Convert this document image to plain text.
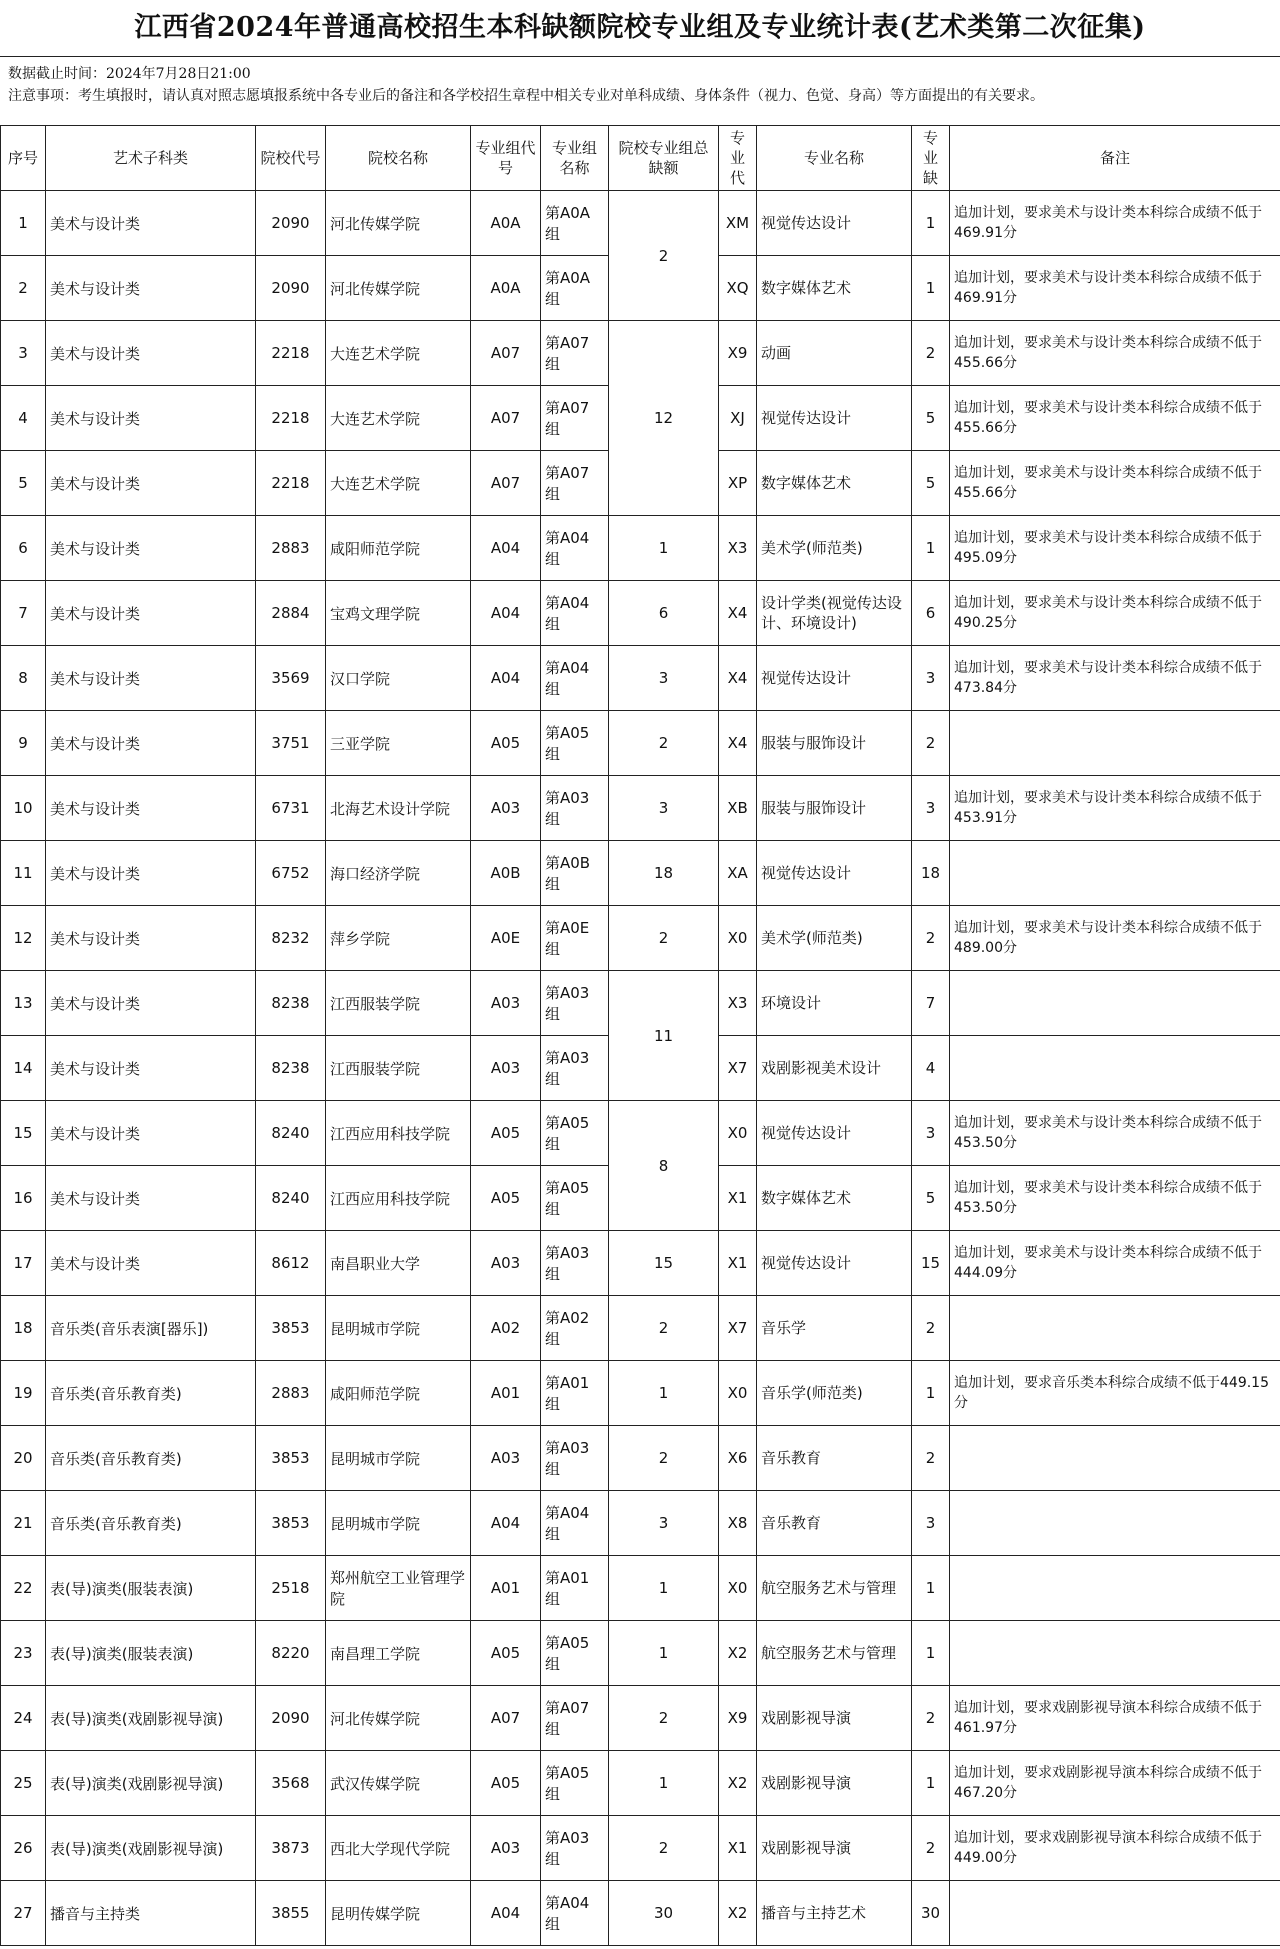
江西省2024年普通高校招生本科缺额院校专业组及专业统计表(艺术类第二次征集)
数据截止时间：2024年7月28日21:00
注意事项：考生填报时，请认真对照志愿填报系统中各专业后的备注和各学校招生章程中相关专业对单科成绩、身体条件（视力、色觉、身高）等方面提出的有关要求。
序号	艺术子科类	院校代号	院校名称	专业组代号	专业组名称	院校专业组总缺额	专业代	专业名称	专业缺	备注
1	美术与设计类	2090	河北传媒学院	A0A	第A0A组	2	XM	视觉传达设计	1	追加计划，要求美术与设计类本科综合成绩不低于469.91分
2	美术与设计类	2090	河北传媒学院	A0A	第A0A组		XQ	数字媒体艺术	1	追加计划，要求美术与设计类本科综合成绩不低于469.91分
3	美术与设计类	2218	大连艺术学院	A07	第A07组	12	X9	动画	2	追加计划，要求美术与设计类本科综合成绩不低于455.66分
4	美术与设计类	2218	大连艺术学院	A07	第A07组		XJ	视觉传达设计	5	追加计划，要求美术与设计类本科综合成绩不低于455.66分
5	美术与设计类	2218	大连艺术学院	A07	第A07组		XP	数字媒体艺术	5	追加计划，要求美术与设计类本科综合成绩不低于455.66分
6	美术与设计类	2883	咸阳师范学院	A04	第A04组	1	X3	美术学(师范类)	1	追加计划，要求美术与设计类本科综合成绩不低于495.09分
7	美术与设计类	2884	宝鸡文理学院	A04	第A04组	6	X4	设计学类(视觉传达设计、环境设计)	6	追加计划，要求美术与设计类本科综合成绩不低于490.25分
8	美术与设计类	3569	汉口学院	A04	第A04组	3	X4	视觉传达设计	3	追加计划，要求美术与设计类本科综合成绩不低于473.84分
9	美术与设计类	3751	三亚学院	A05	第A05组	2	X4	服装与服饰设计	2	
10	美术与设计类	6731	北海艺术设计学院	A03	第A03组	3	XB	服装与服饰设计	3	追加计划，要求美术与设计类本科综合成绩不低于453.91分
11	美术与设计类	6752	海口经济学院	A0B	第A0B组	18	XA	视觉传达设计	18	
12	美术与设计类	8232	萍乡学院	A0E	第A0E组	2	X0	美术学(师范类)	2	追加计划，要求美术与设计类本科综合成绩不低于489.00分
13	美术与设计类	8238	江西服装学院	A03	第A03组	11	X3	环境设计	7	
14	美术与设计类	8238	江西服装学院	A03	第A03组		X7	戏剧影视美术设计	4	
15	美术与设计类	8240	江西应用科技学院	A05	第A05组	8	X0	视觉传达设计	3	追加计划，要求美术与设计类本科综合成绩不低于453.50分
16	美术与设计类	8240	江西应用科技学院	A05	第A05组		X1	数字媒体艺术	5	追加计划，要求美术与设计类本科综合成绩不低于453.50分
17	美术与设计类	8612	南昌职业大学	A03	第A03组	15	X1	视觉传达设计	15	追加计划，要求美术与设计类本科综合成绩不低于444.09分
18	音乐类(音乐表演[器乐])	3853	昆明城市学院	A02	第A02组	2	X7	音乐学	2	
19	音乐类(音乐教育类)	2883	咸阳师范学院	A01	第A01组	1	X0	音乐学(师范类)	1	追加计划，要求音乐类本科综合成绩不低于449.15分
20	音乐类(音乐教育类)	3853	昆明城市学院	A03	第A03组	2	X6	音乐教育	2	
21	音乐类(音乐教育类)	3853	昆明城市学院	A04	第A04组	3	X8	音乐教育	3	
22	表(导)演类(服装表演)	2518	郑州航空工业管理学院	A01	第A01组	1	X0	航空服务艺术与管理	1	
23	表(导)演类(服装表演)	8220	南昌理工学院	A05	第A05组	1	X2	航空服务艺术与管理	1	
24	表(导)演类(戏剧影视导演)	2090	河北传媒学院	A07	第A07组	2	X9	戏剧影视导演	2	追加计划，要求戏剧影视导演本科综合成绩不低于461.97分
25	表(导)演类(戏剧影视导演)	3568	武汉传媒学院	A05	第A05组	1	X2	戏剧影视导演	1	追加计划，要求戏剧影视导演本科综合成绩不低于467.20分
26	表(导)演类(戏剧影视导演)	3873	西北大学现代学院	A03	第A03组	2	X1	戏剧影视导演	2	追加计划，要求戏剧影视导演本科综合成绩不低于449.00分
27	播音与主持类	3855	昆明传媒学院	A04	第A04组	30	X2	播音与主持艺术	30	
